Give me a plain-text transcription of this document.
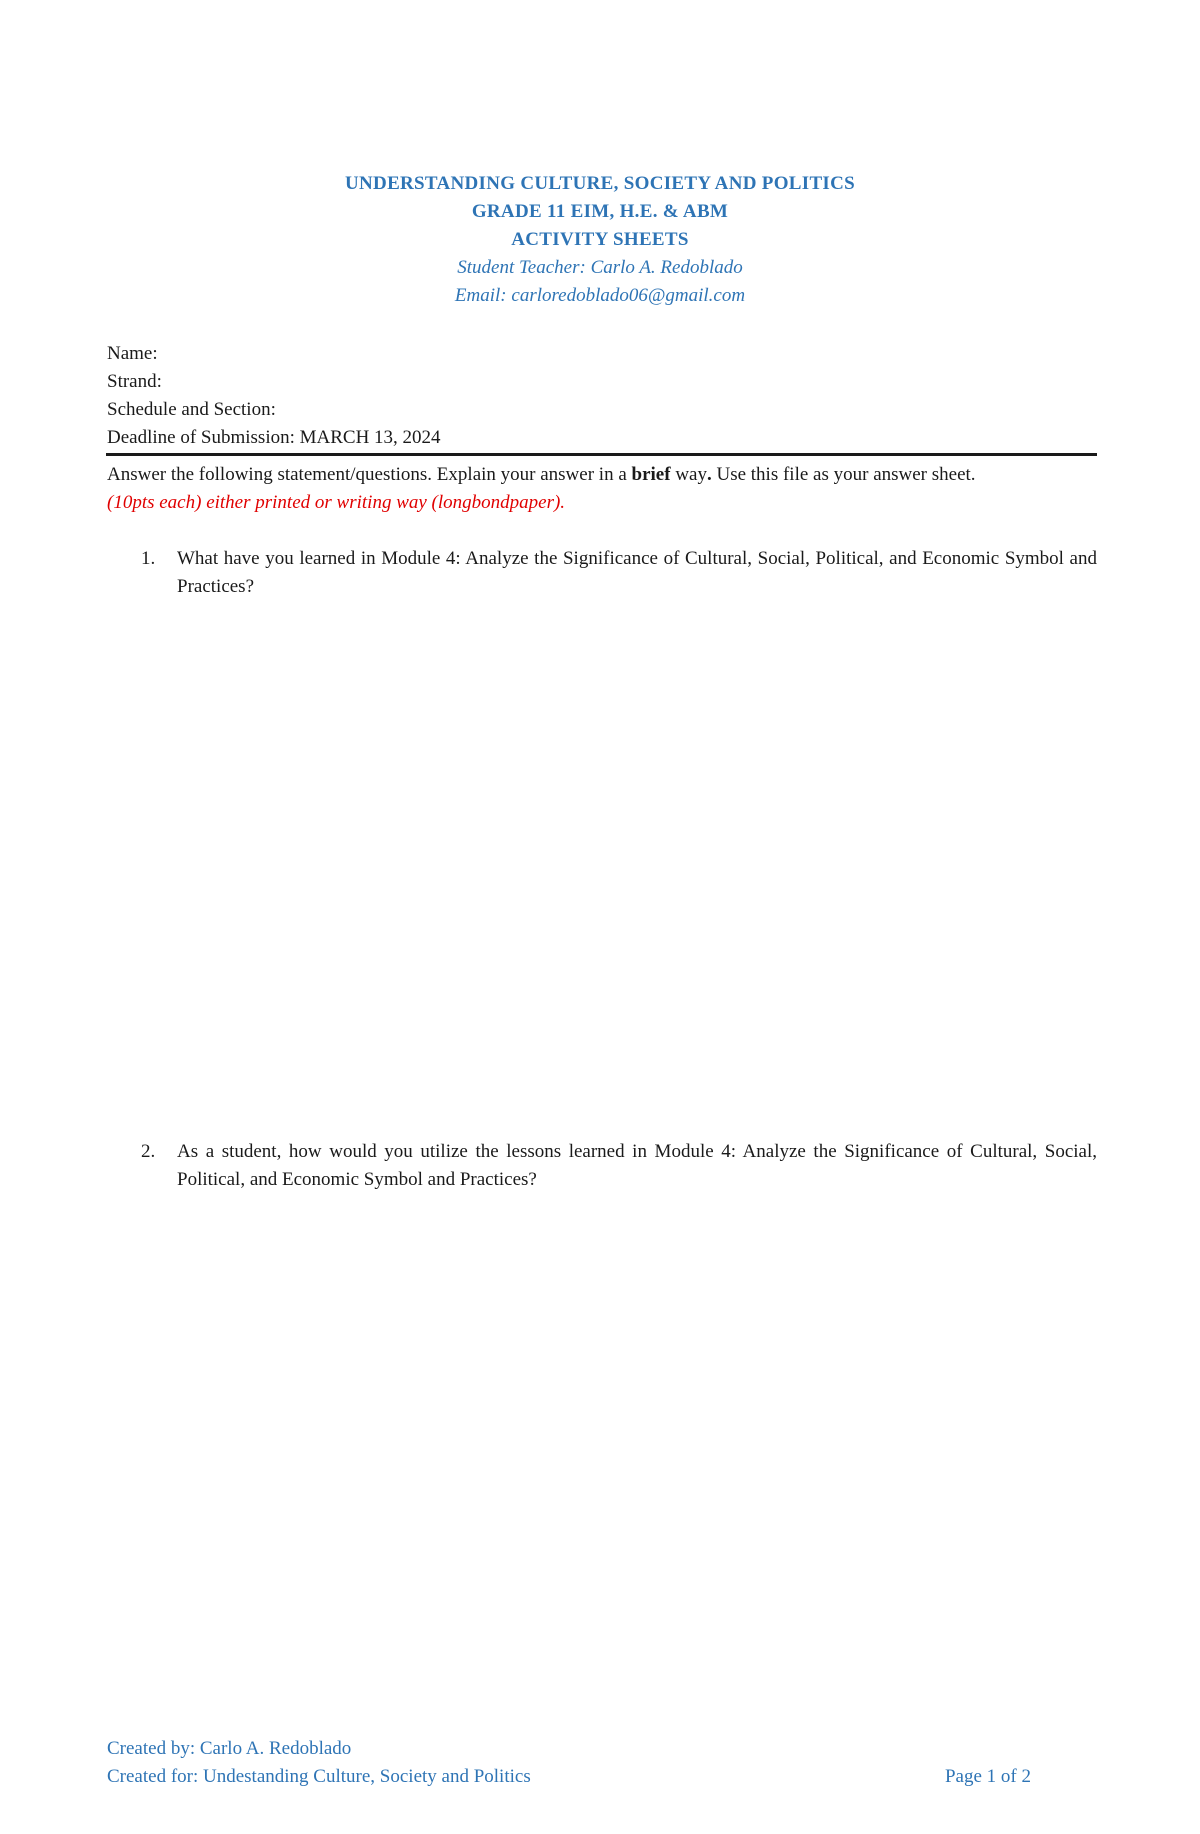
UNDERSTANDING CULTURE, SOCIETY AND POLITICS
GRADE 11 EIM, H.E. & ABM
ACTIVITY SHEETS
Student Teacher: Carlo A. Redoblado
Email: carloredoblado06@gmail.com
Name:
Strand:
Schedule and Section:
Deadline of Submission: MARCH 13, 2024
Answer the following statement/questions. Explain your answer in a brief way. Use this file as your answer sheet.
(10pts each) either printed or writing way (longbondpaper).
1. What have you learned in Module 4: Analyze the Significance of Cultural, Social, Political, and Economic Symbol and Practices?
2. As a student, how would you utilize the lessons learned in Module 4: Analyze the Significance of Cultural, Social, Political, and Economic Symbol and Practices?
Created by: Carlo A. Redoblado
Created for: Undestanding Culture, Society and Politics	Page 1 of 2
